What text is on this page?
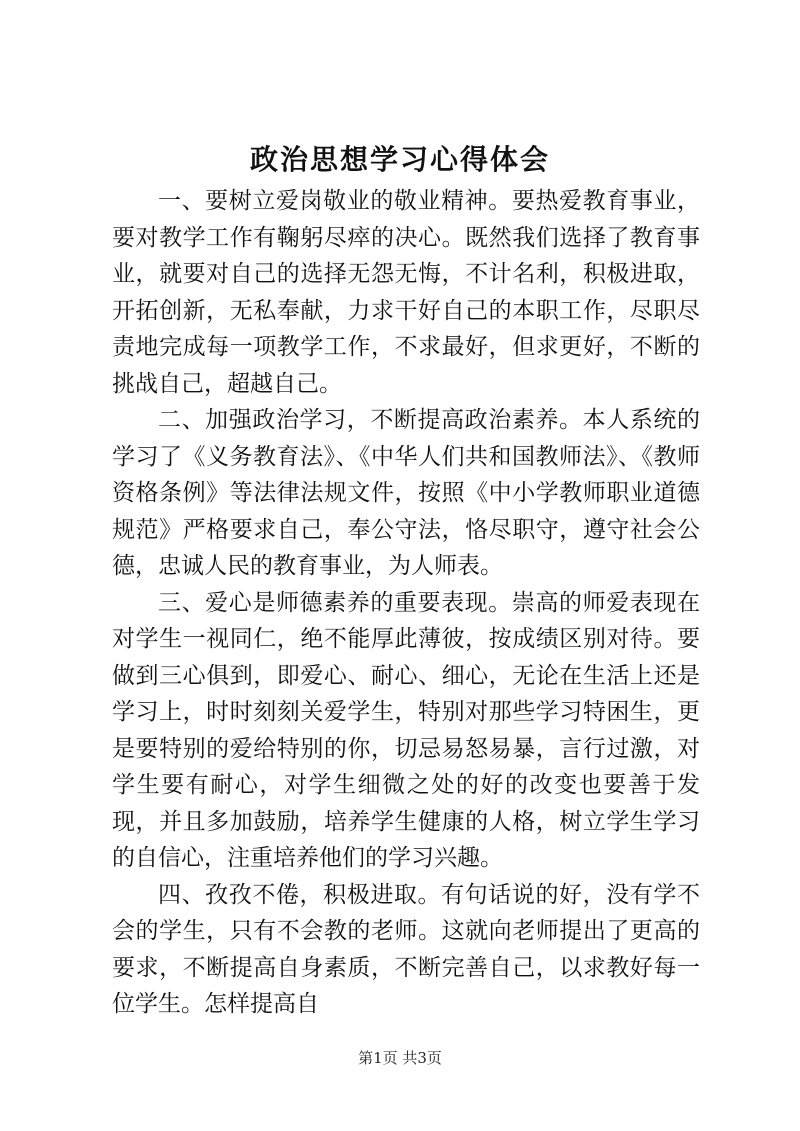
政治思想学习心得体会

一、要树立爱岗敬业的敬业精神。要热爱教育事业，要对教学工作有鞠躬尽瘁的决心。既然我们选择了教育事业，就要对自己的选择无怨无悔，不计名利，积极进取，开拓创新，无私奉献，力求干好自己的本职工作，尽职尽责地完成每一项教学工作，不求最好，但求更好，不断的挑战自己，超越自己。

二、加强政治学习，不断提高政治素养。本人系统的学习了《义务教育法》、《中华人们共和国教师法》、《教师资格条例》等法律法规文件，按照《中小学教师职业道德规范》严格要求自己，奉公守法，恪尽职守，遵守社会公德，忠诚人民的教育事业，为人师表。

三、爱心是师德素养的重要表现。崇高的师爱表现在对学生一视同仁，绝不能厚此薄彼，按成绩区别对待。要做到三心俱到，即爱心、耐心、细心，无论在生活上还是学习上，时时刻刻关爱学生，特别对那些学习特困生，更是要特别的爱给特别的你，切忌易怒易暴，言行过激，对学生要有耐心，对学生细微之处的好的改变也要善于发现，并且多加鼓励，培养学生健康的人格，树立学生学习的自信心，注重培养他们的学习兴趣。

四、孜孜不倦，积极进取。有句话说的好，没有学不会的学生，只有不会教的老师。这就向老师提出了更高的要求，不断提高自身素质，不断完善自己，以求教好每一位学生。怎样提高自

第1页 共3页
